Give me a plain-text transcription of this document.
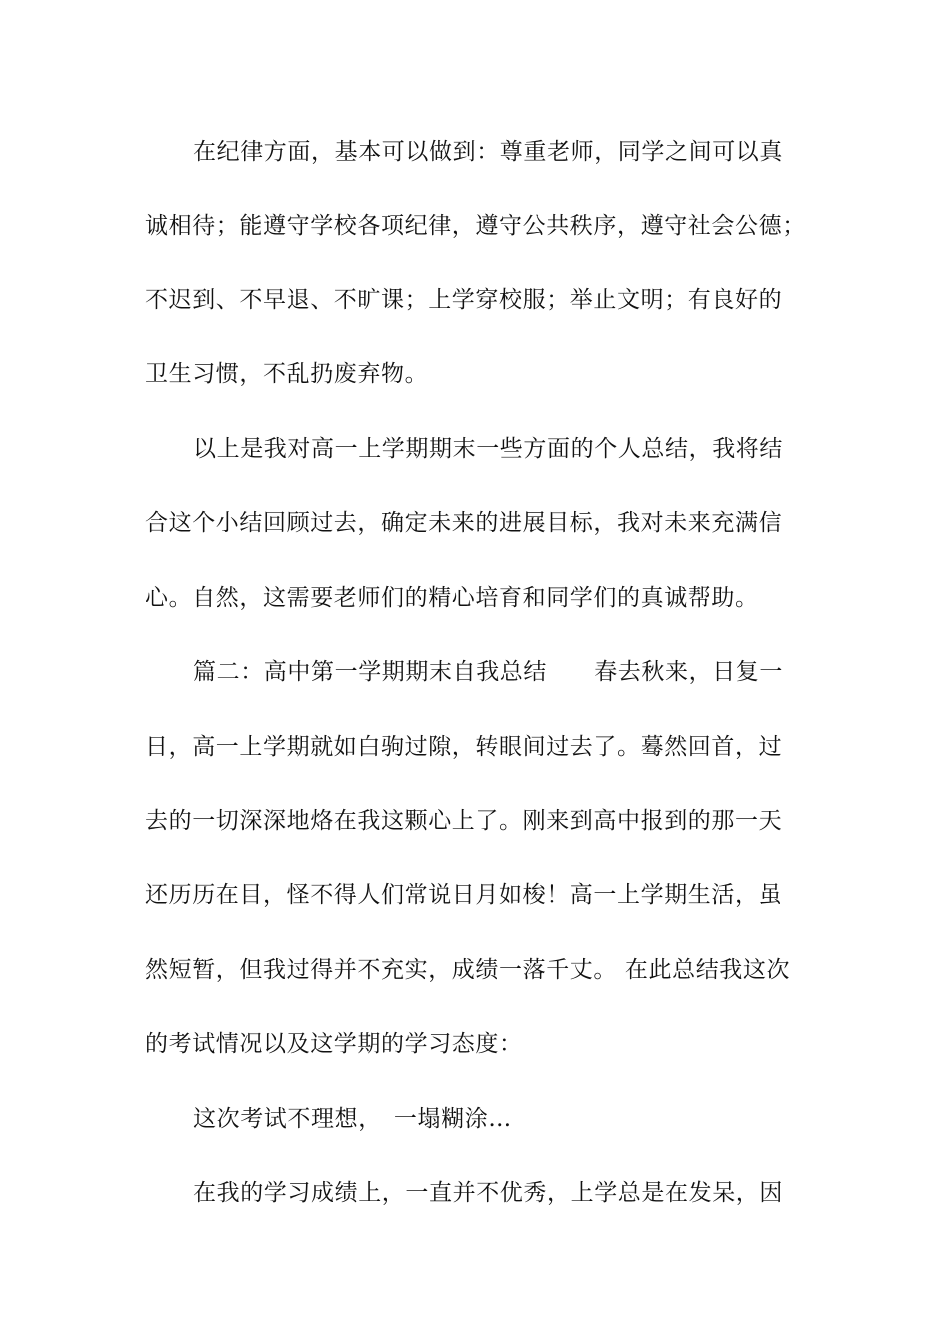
在纪律方面，基本可以做到：尊重老师，同学之间可以真
诚相待；能遵守学校各项纪律，遵守公共秩序，遵守社会公德；
不迟到、不早退、不旷课；上学穿校服；举止文明；有良好的
卫生习惯，不乱扔废弃物。
以上是我对高一上学期期末一些方面的个人总结，我将结
合这个小结回顾过去，确定未来的进展目标，我对未来充满信
心。自然，这需要老师们的精心培育和同学们的真诚帮助。
篇二：高中第一学期期末自我总结　　春去秋来，日复一
日，高一上学期就如白驹过隙，转眼间过去了。蓦然回首，过
去的一切深深地烙在我这颗心上了。刚来到高中报到的那一天
还历历在目，怪不得人们常说日月如梭！高一上学期生活，虽
然短暂，但我过得并不充实，成绩一落千丈。 在此总结我这次
的考试情况以及这学期的学习态度：
这次考试不理想，　一塌糊涂…
在我的学习成绩上，一直并不优秀，上学总是在发呆，因
